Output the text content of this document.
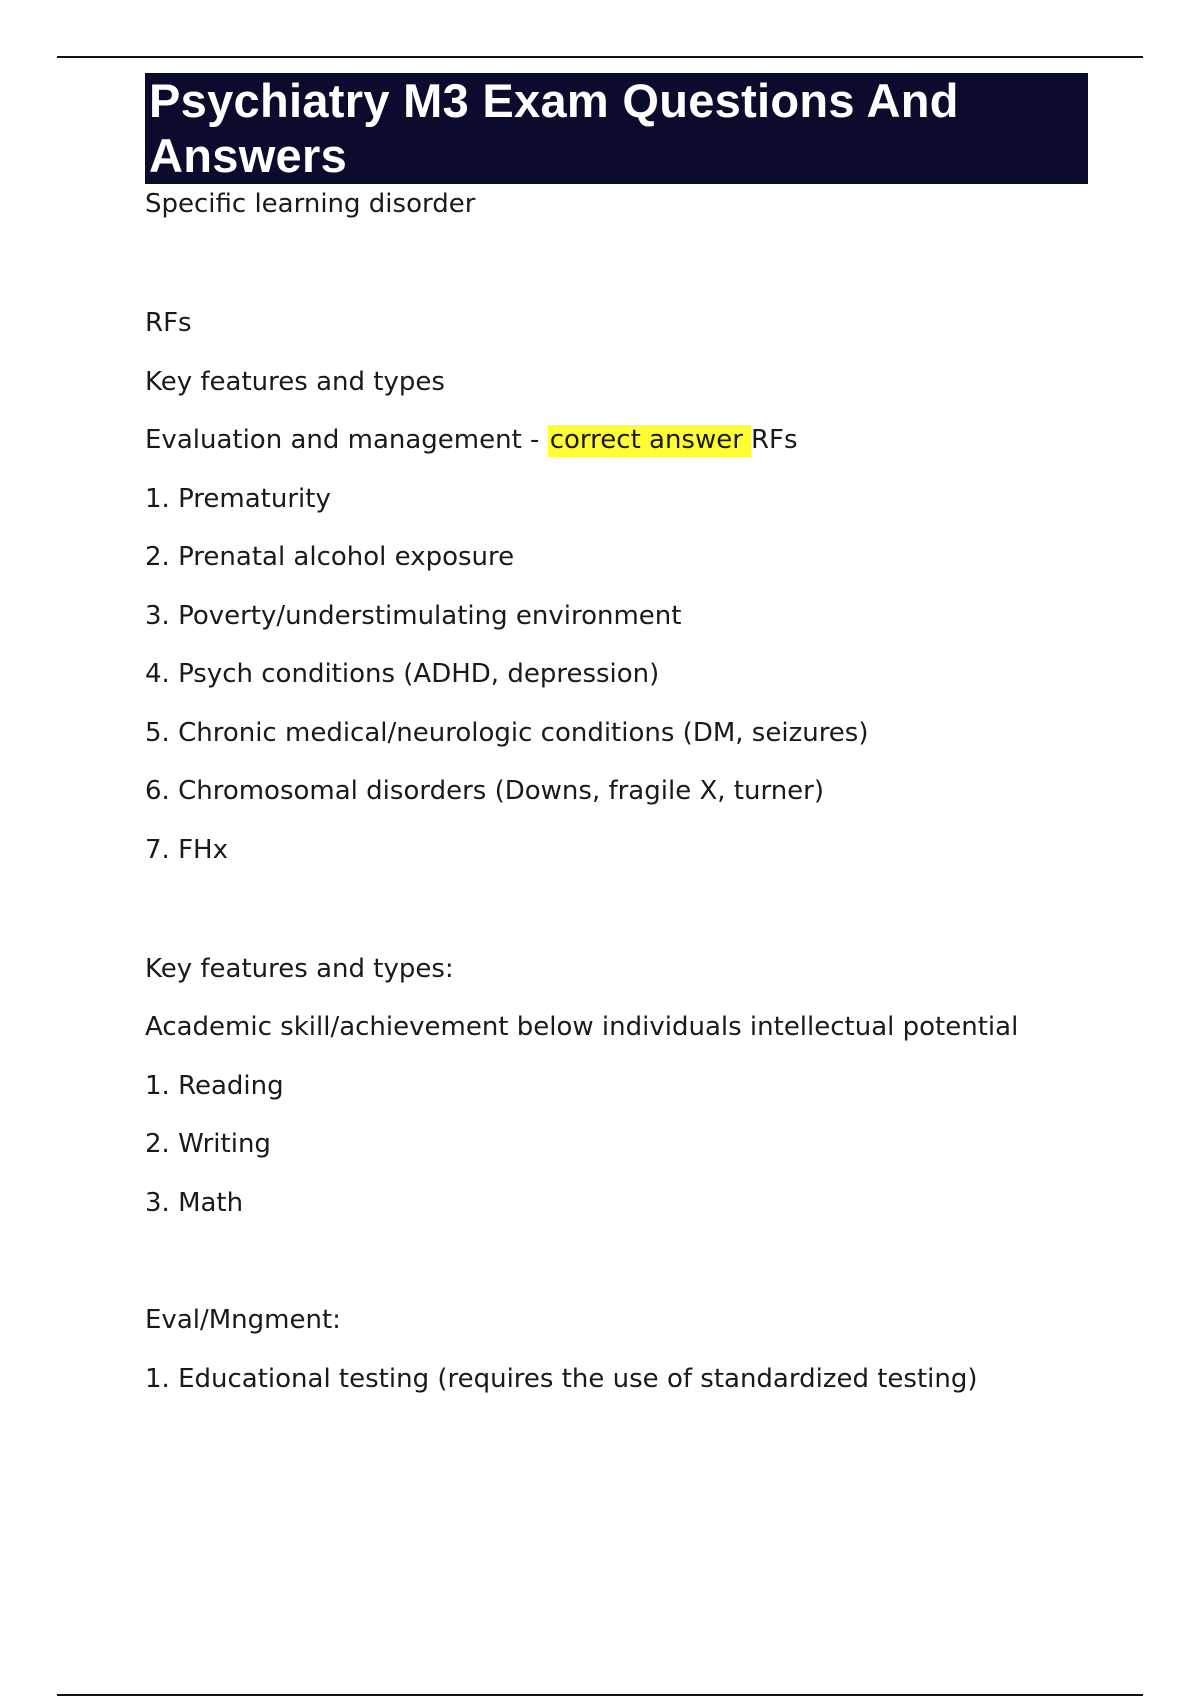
Psychiatry M3 Exam Questions And Answers
Specific learning disorder
RFs
Key features and types
Evaluation and management - correct answer RFs
1. Prematurity
2. Prenatal alcohol exposure
3. Poverty/understimulating environment
4. Psych conditions (ADHD, depression)
5. Chronic medical/neurologic conditions (DM, seizures)
6. Chromosomal disorders (Downs, fragile X, turner)
7. FHx
Key features and types:
Academic skill/achievement below individuals intellectual potential
1. Reading
2. Writing
3. Math
Eval/Mngment:
1. Educational testing (requires the use of standardized testing)
